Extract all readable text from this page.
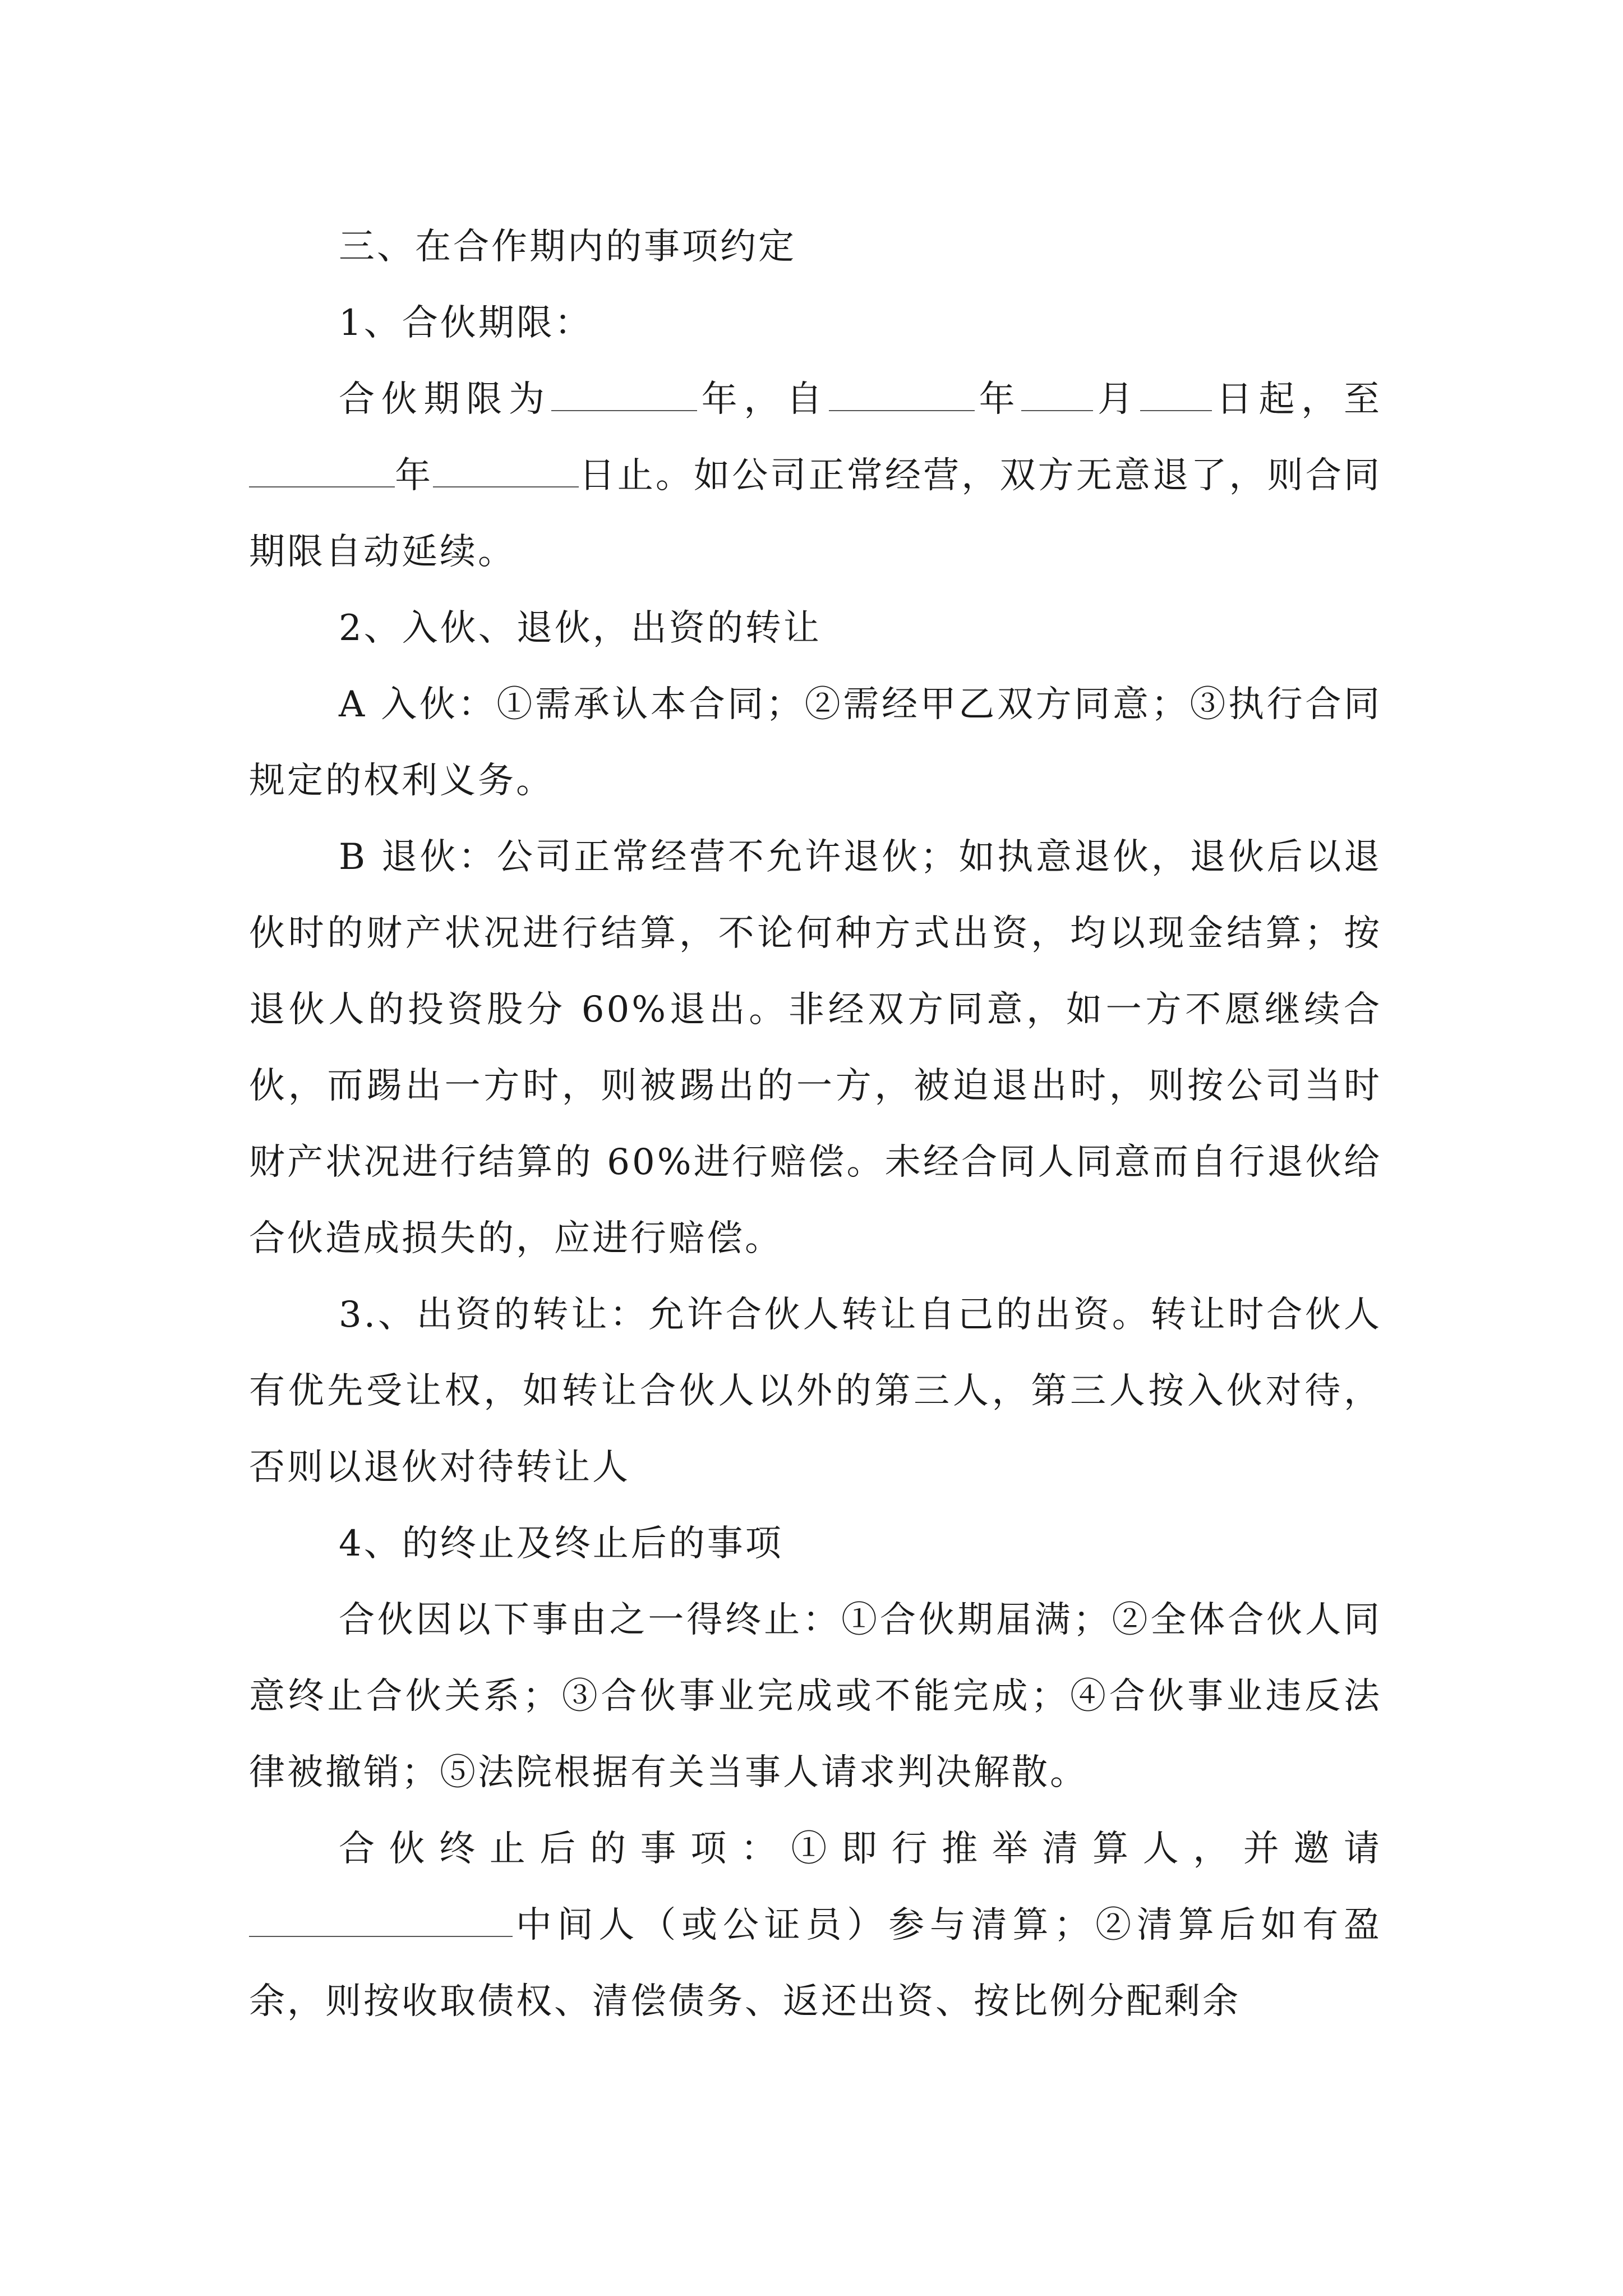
三、在合作期内的事项约定

1、合伙期限：

合伙期限为	年，自	年 月 日起，至年	日止。如公司正常经营，双方无意退了，则合同期限自动延续。

2、入伙、退伙，出资的转让

A 入伙：①需承认本合同；②需经甲乙双方同意；③执行合同规定的权利义务。

B 退伙：公司正常经营不允许退伙；如执意退伙，退伙后以退伙时的财产状况进行结算，不论何种方式出资，均以现金结算；按退伙人的投资股分 60%退出。非经双方同意，如一方不愿继续合伙，而踢出一方时，则被踢出的一方，被迫退出时，则按公司当时财产状况进行结算的 60%进行赔偿。未经合同人同意而自行退伙给合伙造成损失的，应进行赔偿。

3.、出资的转让：允许合伙人转让自己的出资。转让时合伙人有优先受让权，如转让合伙人以外的第三人，第三人按入伙对待，否则以退伙对待转让人

4、的终止及终止后的事项

合伙因以下事由之一得终止：①合伙期届满；②全体合伙人同意终止合伙关系；③合伙事业完成或不能完成；④合伙事业违反法律被撤销；⑤法院根据有关当事人请求判决解散。

合伙终止后的事项：①即行推举清算人，并邀请

中间人（或公证员）参与清算；②清算后如有盈余，则按收取债权、清偿债务、返还出资、按比例分配剩余
